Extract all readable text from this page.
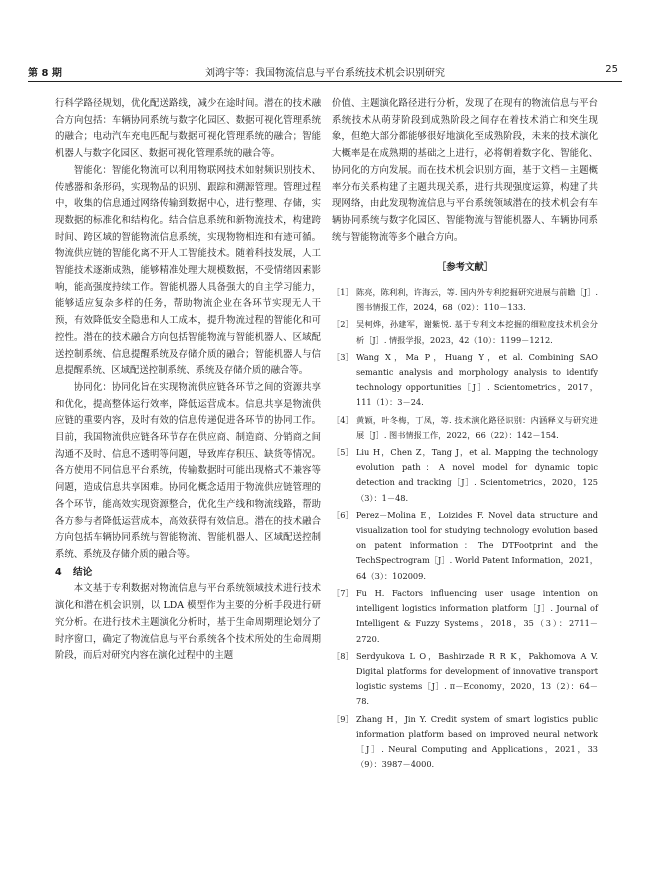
第 8 期	刘鸿宇等：我国物流信息与平台系统技术机会识别研究	25

行科学路径规划，优化配送路线，减少在途时间。潜在的技术融合方向包括：车辆协同系统与数字化园区、数据可视化管理系统的融合；电动汽车充电匹配与数据可视化管理系统的融合；智能机器人与数字化园区、数据可视化管理系统的融合等。

智能化：智能化物流可以利用物联网技术如射频识别技术、传感器和条形码，实现物品的识别、跟踪和溯源管理。管理过程中，收集的信息通过网络传输到数据中心，进行整理、存储，实现数据的标准化和结构化。结合信息系统和新物流技术，构建跨时间、跨区域的智能物流信息系统，实现物物相连和有迹可循。物流供应链的智能化离不开人工智能技术。随着科技发展，人工智能技术逐渐成熟，能够精准处理大规模数据，不受情绪因素影响，能高强度持续工作。智能机器人具备强大的自主学习能力，能够适应复杂多样的任务，帮助物流企业在各环节实现无人干预，有效降低安全隐患和人工成本，提升物流过程的智能化和可控性。潜在的技术融合方向包括智能物流与智能机器人、区域配送控制系统、信息提醒系统及存储介质的融合；智能机器人与信息提醒系统、区域配送控制系统、系统及存储介质的融合等。

协同化：协同化旨在实现物流供应链各环节之间的资源共享和优化，提高整体运行效率，降低运营成本。信息共享是物流供应链的重要内容，及时有效的信息传递促进各环节的协同工作。目前，我国物流供应链各环节存在供应商、制造商、分销商之间沟通不及时、信息不透明等问题，导致库存积压、缺货等情况。各方使用不同信息平台系统，传输数据时可能出现格式不兼容等问题，造成信息共享困难。协同化概念适用于物流供应链管理的各个环节，能高效实现资源整合，优化生产线和物流线路，帮助各方参与者降低运营成本，高效获得有效信息。潜在的技术融合方向包括车辆协同系统与智能物流、智能机器人、区域配送控制系统、系统及存储介质的融合等。

4 结论

本文基于专利数据对物流信息与平台系统领域技术进行技术演化和潜在机会识别，以 LDA 模型作为主要的分析手段进行研究分析。在进行技术主题演化分析时，基于生命周期理论划分了时序窗口，确定了物流信息与平台系统各个技术所处的生命周期阶段，而后对研究内容在演化过程中的主题

价值、主题演化路径进行分析，发现了在现有的物流信息与平台系统技术从萌芽阶段到成熟阶段之间存在着技术消亡和突生现象，但绝大部分都能够很好地演化至成熟阶段，未来的技术演化大概率是在成熟期的基础之上进行，必将朝着数字化、智能化、协同化的方向发展。而在技术机会识别方面，基于文档－主题概率分布关系构建了主题共现关系，进行共现强度运算，构建了共现网络，由此发现物流信息与平台系统领域潜在的技术机会有车辆协同系统与数字化园区、智能物流与智能机器人、车辆协同系统与智能物流等多个融合方向。

［参考文献］
［1］ 陈亮，陈利利，许海云，等. 国内外专利挖掘研究进展与前瞻［J］. 图书情报工作，2024，68（02）：110－133.
［2］ 吴柯烨，孙建军，谢紫悦. 基于专利文本挖掘的细粒度技术机会分析［J］. 情报学报，2023，42（10）：1199－1212.
［3］ Wang X，Ma P，Huang Y，et al. Combining SAO semantic analysis and morphology analysis to identify technology opportunities［J］. Scientometrics，2017，111（1）：3－24.
［4］ 黄颖，叶冬梅，丁凤，等. 技术演化路径识别：内涵释义与研究进展［J］. 图书情报工作，2022，66（22）：142－154.
［5］ Liu H，Chen Z，Tang J，et al. Mapping the technology evolution path：A novel model for dynamic topic detection and tracking［J］. Scientometrics，2020，125（3）：1－48.
［6］ Perez－Molina E，Loizides F. Novel data structure and visualization tool for studying technology evolution based on patent information：The DTFootprint and the TechSpectrogram［J］. World Patent Information，2021，64（3）：102009.
［7］ Fu H. Factors influencing user usage intention on intelligent logistics information platform［J］. Journal of Intelligent & Fuzzy Systems，2018，35（3）：2711－2720.
［8］ Serdyukova L O，Bashirzade R R K，Pakhomova A V. Digital platforms for development of innovative transport logistic systems［J］. π－Economy，2020，13（2）：64－78.
［9］ Zhang H，Jin Y. Credit system of smart logistics public information platform based on improved neural network［J］. Neural Computing and Applications，2021，33（9）：3987－4000.
